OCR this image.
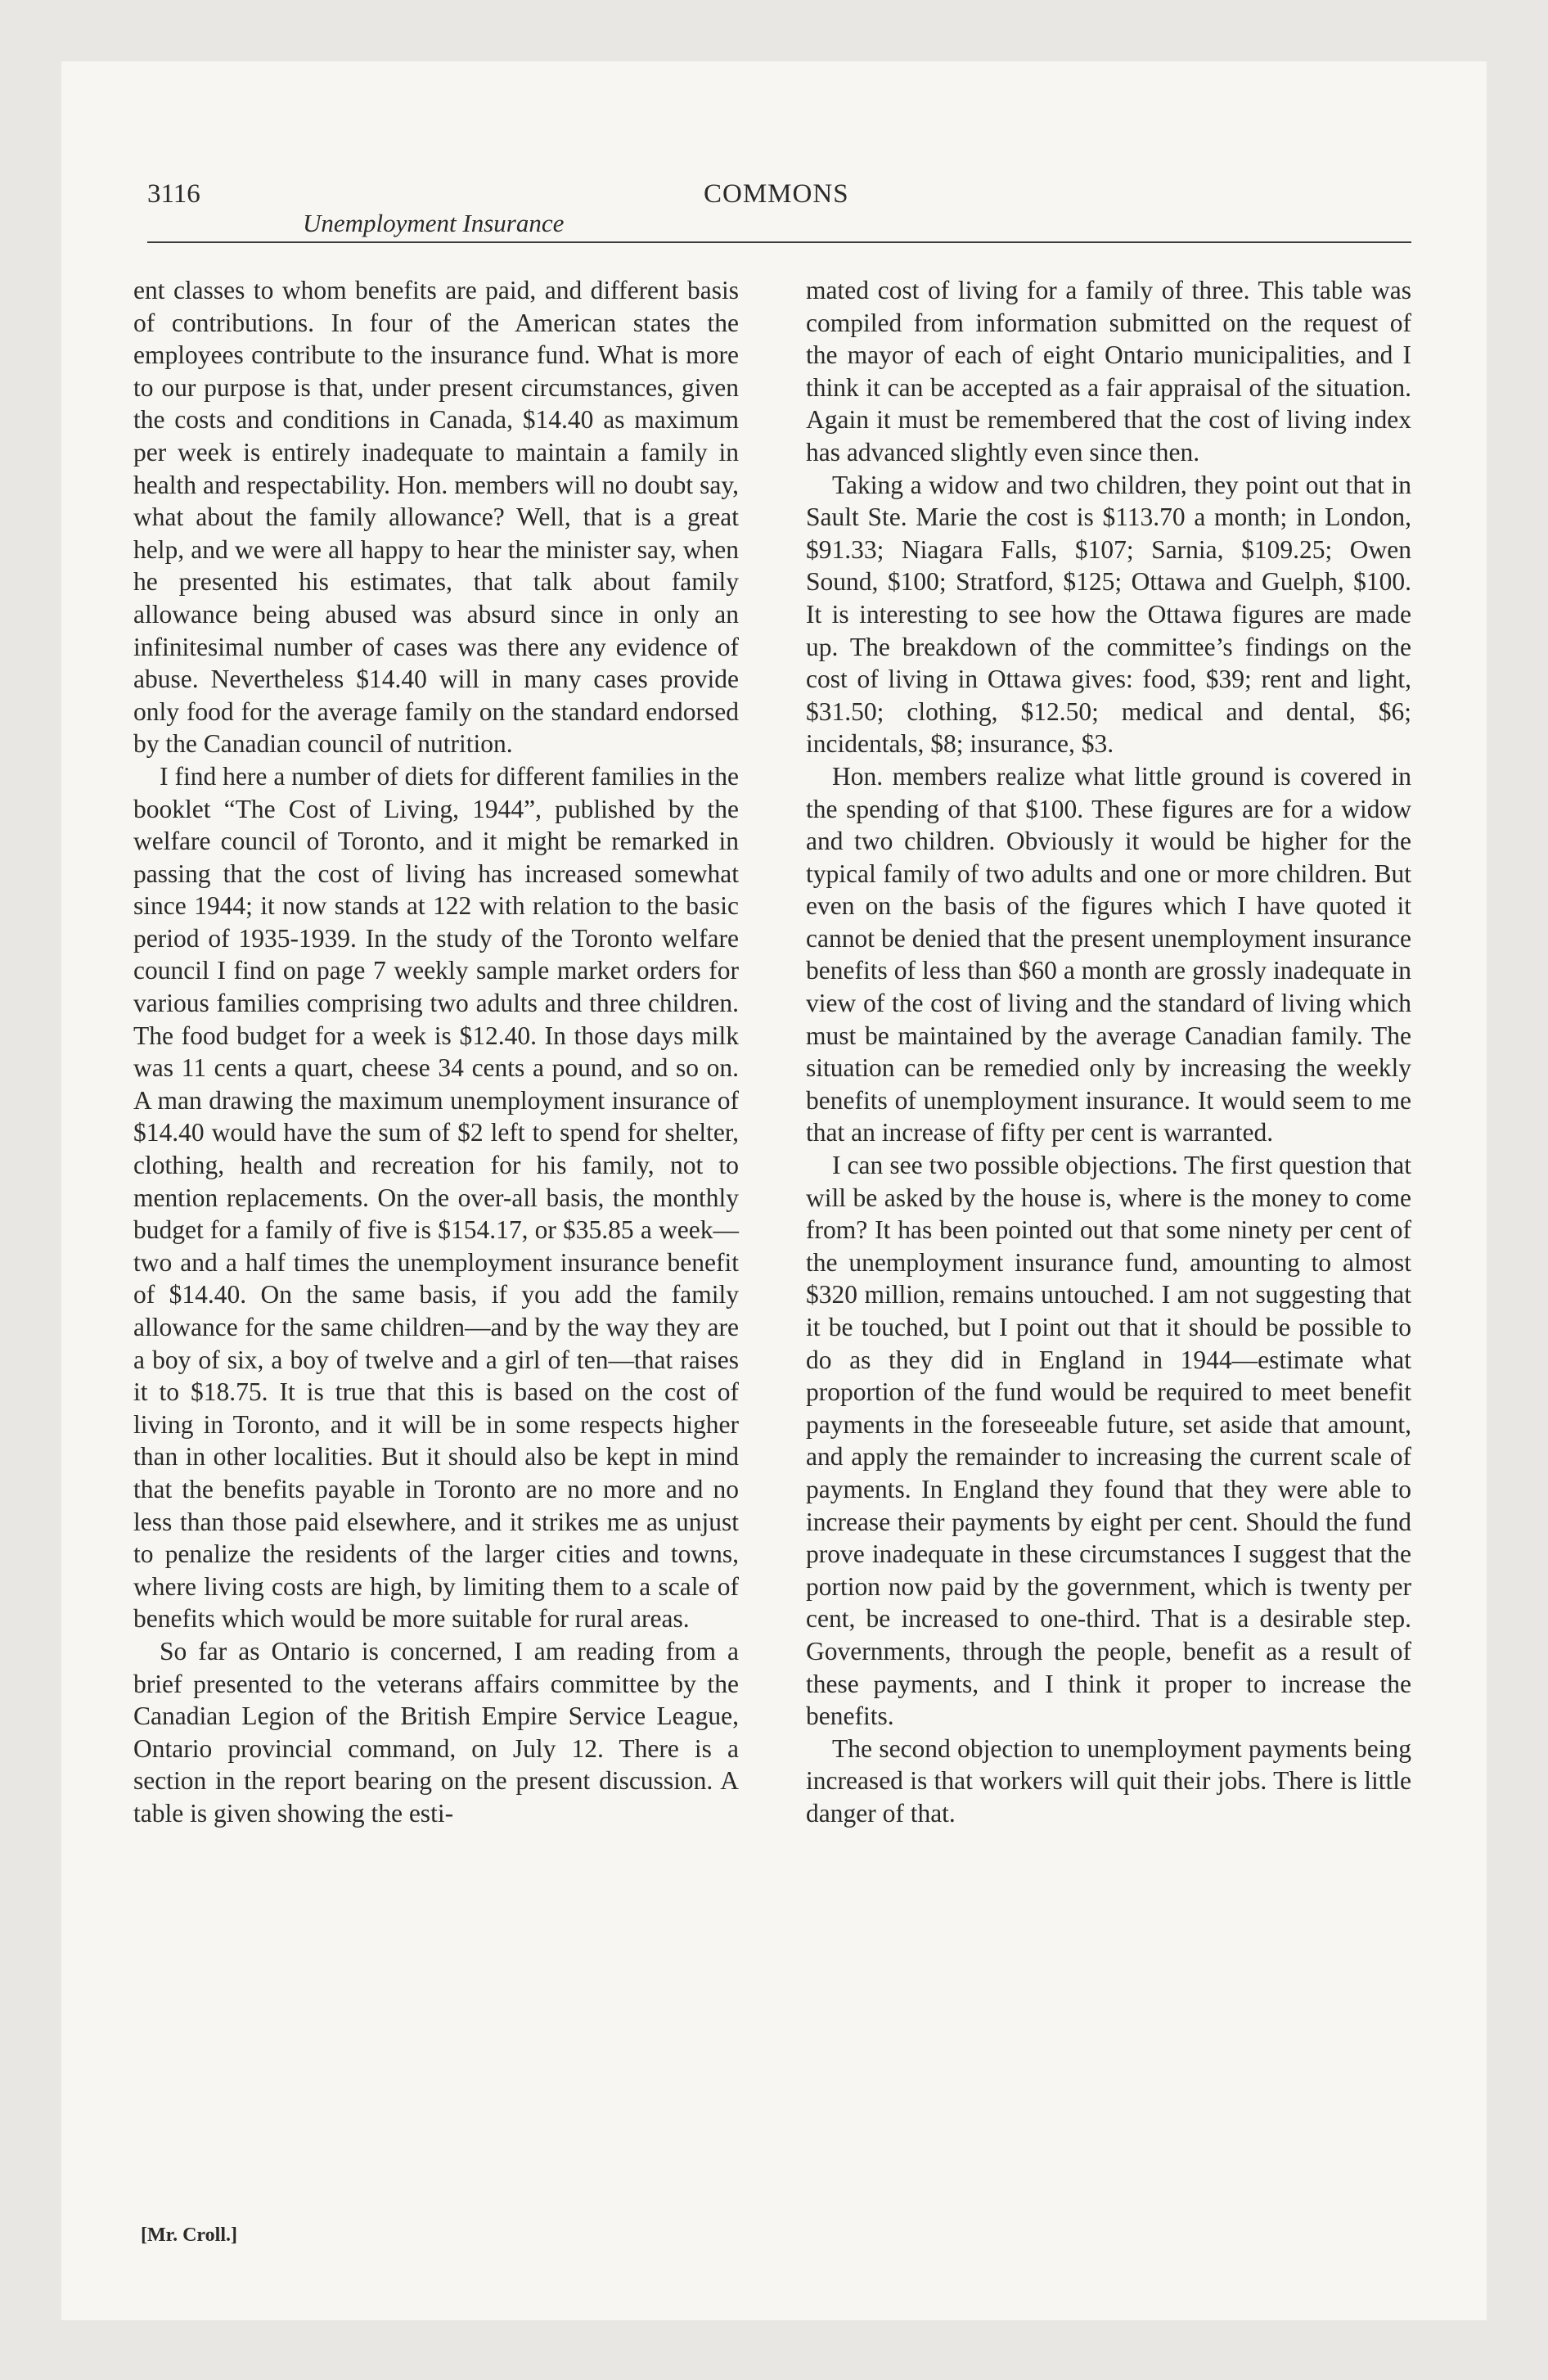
3116
Unemployment Insurance
COMMONS

ent classes to whom benefits are paid, and different basis of contributions. In four of the American states the employees contribute to the insurance fund. What is more to our purpose is that, under present circumstances, given the costs and conditions in Canada, $14.40 as maximum per week is entirely inadequate to maintain a family in health and respectability. Hon. members will no doubt say, what about the family allowance? Well, that is a great help, and we were all happy to hear the minister say, when he presented his estimates, that talk about family allowance being abused was absurd since in only an infinitesimal number of cases was there any evidence of abuse. Nevertheless $14.40 will in many cases provide only food for the average family on the standard endorsed by the Canadian council of nutrition.

I find here a number of diets for different families in the booklet “The Cost of Living, 1944”, published by the welfare council of Toronto, and it might be remarked in passing that the cost of living has increased somewhat since 1944; it now stands at 122 with relation to the basic period of 1935-1939. In the study of the Toronto welfare council I find on page 7 weekly sample market orders for various families comprising two adults and three children. The food budget for a week is $12.40. In those days milk was 11 cents a quart, cheese 34 cents a pound, and so on. A man drawing the maximum unemployment insurance of $14.40 would have the sum of $2 left to spend for shelter, clothing, health and recreation for his family, not to mention replacements. On the over-all basis, the monthly budget for a family of five is $154.17, or $35.85 a week—two and a half times the unemployment insurance benefit of $14.40. On the same basis, if you add the family allowance for the same children—and by the way they are a boy of six, a boy of twelve and a girl of ten—that raises it to $18.75. It is true that this is based on the cost of living in Toronto, and it will be in some respects higher than in other localities. But it should also be kept in mind that the benefits payable in Toronto are no more and no less than those paid elsewhere, and it strikes me as unjust to penalize the residents of the larger cities and towns, where living costs are high, by limiting them to a scale of benefits which would be more suitable for rural areas.

So far as Ontario is concerned, I am reading from a brief presented to the veterans affairs committee by the Canadian Legion of the British Empire Service League, Ontario provincial command, on July 12. There is a section in the report bearing on the present discussion. A table is given showing the esti-

mated cost of living for a family of three. This table was compiled from information submitted on the request of the mayor of each of eight Ontario municipalities, and I think it can be accepted as a fair appraisal of the situation. Again it must be remembered that the cost of living index has advanced slightly even since then.

Taking a widow and two children, they point out that in Sault Ste. Marie the cost is $113.70 a month; in London, $91.33; Niagara Falls, $107; Sarnia, $109.25; Owen Sound, $100; Stratford, $125; Ottawa and Guelph, $100. It is interesting to see how the Ottawa figures are made up. The breakdown of the committee’s findings on the cost of living in Ottawa gives: food, $39; rent and light, $31.50; clothing, $12.50; medical and dental, $6; incidentals, $8; insurance, $3.

Hon. members realize what little ground is covered in the spending of that $100. These figures are for a widow and two children. Obviously it would be higher for the typical family of two adults and one or more children. But even on the basis of the figures which I have quoted it cannot be denied that the present unemployment insurance benefits of less than $60 a month are grossly inadequate in view of the cost of living and the standard of living which must be maintained by the average Canadian family. The situation can be remedied only by increasing the weekly benefits of unemployment insurance. It would seem to me that an increase of fifty per cent is warranted.

I can see two possible objections. The first question that will be asked by the house is, where is the money to come from? It has been pointed out that some ninety per cent of the unemployment insurance fund, amounting to almost $320 million, remains untouched. I am not suggesting that it be touched, but I point out that it should be possible to do as they did in England in 1944—estimate what proportion of the fund would be required to meet benefit payments in the foreseeable future, set aside that amount, and apply the remainder to increasing the current scale of payments. In England they found that they were able to increase their payments by eight per cent. Should the fund prove inadequate in these circumstances I suggest that the portion now paid by the government, which is twenty per cent, be increased to one-third. That is a desirable step. Governments, through the people, benefit as a result of these payments, and I think it proper to increase the benefits.

The second objection to unemployment payments being increased is that workers will quit their jobs. There is little danger of that.

[Mr. Croll.]
